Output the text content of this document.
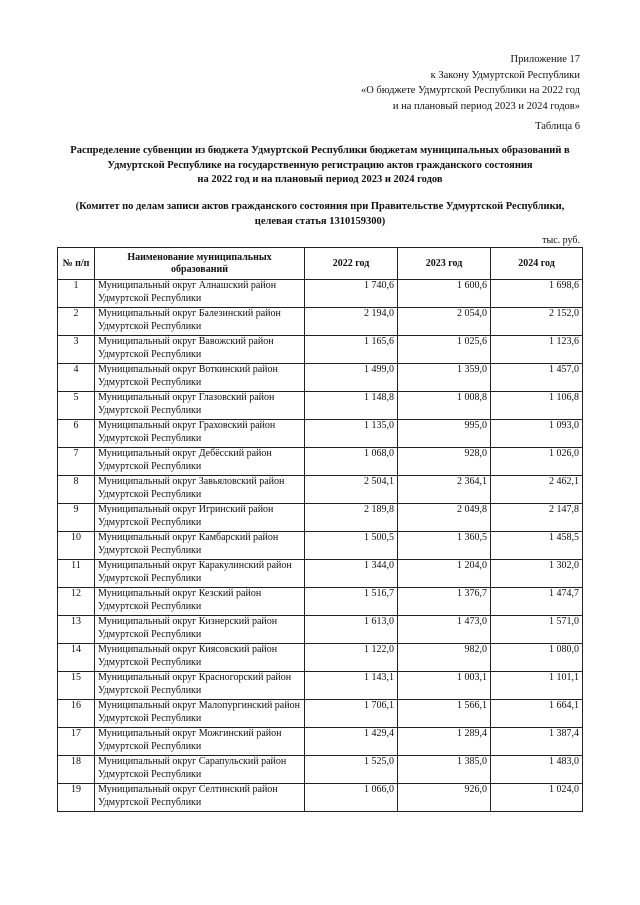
Приложение 17
к Закону Удмуртской Республики
«О бюджете Удмуртской Республики на 2022 год
и на плановый период 2023 и 2024 годов»
Таблица 6
Распределение субвенции из бюджета Удмуртской Республики бюджетам муниципальных образований в
Удмуртской Республике на государственную регистрацию актов гражданского состояния
на 2022 год и на плановый период 2023 и 2024 годов
(Комитет по делам записи актов гражданского состояния при Правительстве Удмуртской Республики,
целевая статья 1310159300)
тыс. руб.
№ п/п	Наименование муниципальных образований	2022 год	2023 год	2024 год
1	Муниципальный округ Алнашский район Удмуртской Республики	1 740,6	1 600,6	1 698,6
2	Муниципальный округ Балезинский район Удмуртской Республики	2 194,0	2 054,0	2 152,0
3	Муниципальный округ Вавожский район Удмуртской Республики	1 165,6	1 025,6	1 123,6
4	Муниципальный округ Воткинский район Удмуртской Республики	1 499,0	1 359,0	1 457,0
5	Муниципальный округ Глазовский район Удмуртской Республики	1 148,8	1 008,8	1 106,8
6	Муниципальный округ Граховский район Удмуртской Республики	1 135,0	995,0	1 093,0
7	Муниципальный округ Дебёсский район Удмуртской Республики	1 068,0	928,0	1 026,0
8	Муниципальный округ Завьяловский район Удмуртской Республики	2 504,1	2 364,1	2 462,1
9	Муниципальный округ Игринский район Удмуртской Республики	2 189,8	2 049,8	2 147,8
10	Муниципальный округ Камбарский район Удмуртской Республики	1 500,5	1 360,5	1 458,5
11	Муниципальный округ Каракулинский район Удмуртской Республики	1 344,0	1 204,0	1 302,0
12	Муниципальный округ Кезский район Удмуртской Республики	1 516,7	1 376,7	1 474,7
13	Муниципальный округ Кизнерский район Удмуртской Республики	1 613,0	1 473,0	1 571,0
14	Муниципальный округ Киясовский район Удмуртской Республики	1 122,0	982,0	1 080,0
15	Муниципальный округ Красногорский район Удмуртской Республики	1 143,1	1 003,1	1 101,1
16	Муниципальный округ Малопургинский район Удмуртской Республики	1 706,1	1 566,1	1 664,1
17	Муниципальный округ Можгинский район Удмуртской Республики	1 429,4	1 289,4	1 387,4
18	Муниципальный округ Сарапульский район Удмуртской Республики	1 525,0	1 385,0	1 483,0
19	Муниципальный округ Селтинский район Удмуртской Республики	1 066,0	926,0	1 024,0
